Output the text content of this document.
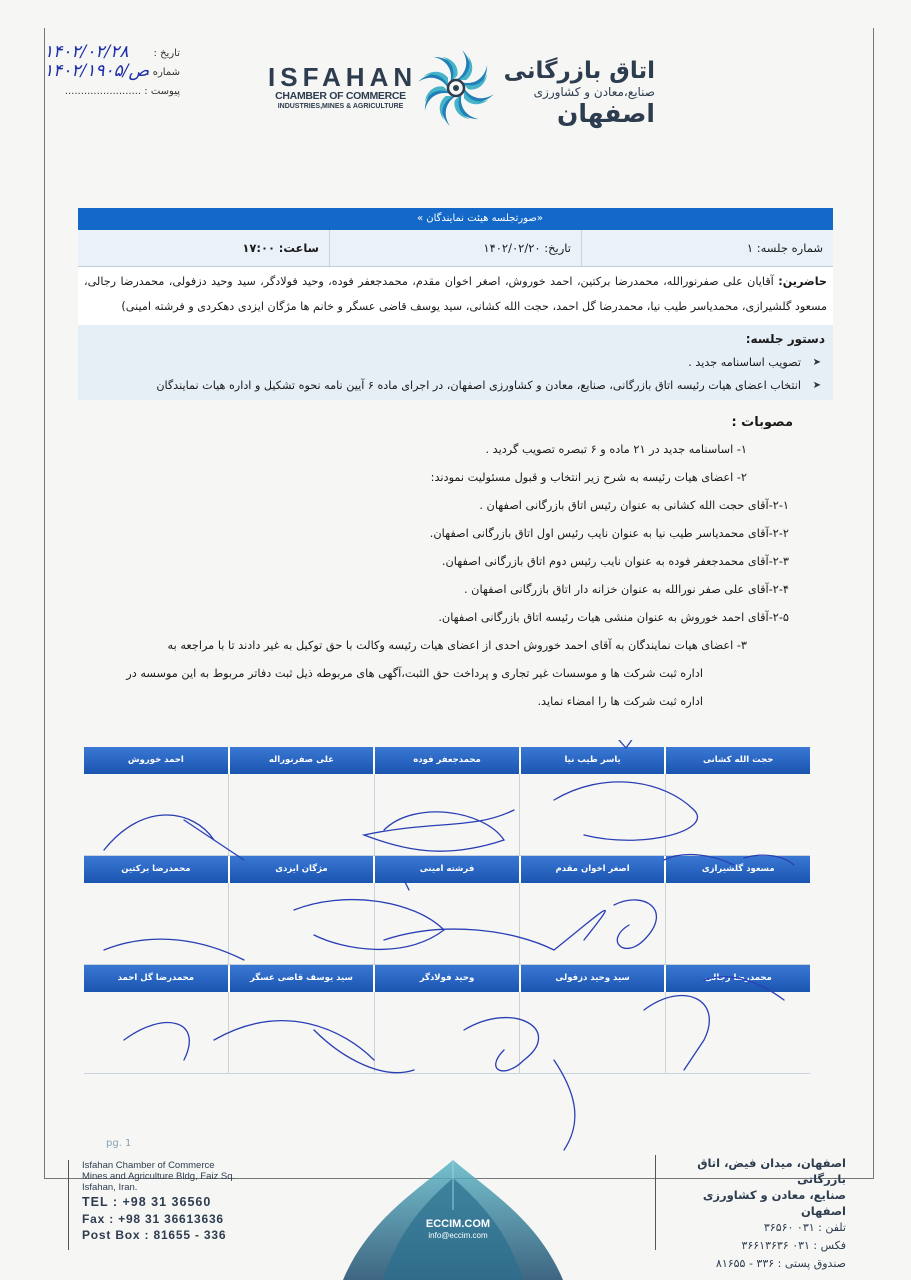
تاریخ :
۱۴۰۲/۰۲/۲۸
شماره :
۱۴۰۲/ص/۱۹۰۵
پیوست : ........................	ISFAHAN
CHAMBER OF COMMERCE
INDUSTRIES,MINES & AGRICULTURE
اتاق بازرگانی
صنایع،معادن و کشاورزی
اصفهان
«صورتجلسه هیئت نمایندگان »
شماره جلسه: ۱
تاریخ: ۱۴۰۲/۰۲/۲۰
ساعت: ۱۷:۰۰
حاضرین: آقایان علی صفرنورالله، محمدرضا برکتین، احمد خوروش، اصغر اخوان مقدم، محمدجعفر فوده، وحید فولادگر، سید وحید دزفولی، محمدرضا رجالی، مسعود گلشیرازی، محمدیاسر طیب نیا، محمدرضا گل احمد، حجت الله کشانی، سید یوسف قاضی عسگر و خانم ها مژگان ایزدی دهکردی و فرشته امینی)
دستور جلسه:
➤ تصویب اساسنامه جدید .
➤ انتخاب اعضای هیات رئیسه اتاق بازرگانی، صنایع، معادن و کشاورزی اصفهان، در اجرای ماده ۶ آیین نامه نحوه تشکیل و اداره هیات نمایندگان
مصوبات :
۱- اساسنامه جدید در ۲۱ ماده و ۶ تبصره تصویب گردید .
۲- اعضای هیات رئیسه به شرح زیر انتخاب و قبول مسئولیت نمودند:
۲-۱-آقای حجت الله کشانی به عنوان رئیس اتاق بازرگانی اصفهان .
۲-۲-آقای محمدیاسر طیب نیا به عنوان نایب رئیس اول اتاق بازرگانی اصفهان.
۲-۳-آقای محمدجعفر فوده به عنوان نایب رئیس دوم اتاق بازرگانی اصفهان.
۲-۴-آقای علی صفر نورالله به عنوان خزانه دار اتاق بازرگانی اصفهان .
۲-۵-آقای احمد خوروش به عنوان منشی هیات رئیسه اتاق بازرگانی اصفهان.
۳- اعضای هیات نمایندگان به آقای احمد خوروش احدی از اعضای هیات رئیسه وکالت با حق توکیل به غیر دادند تا با مراجعه به
اداره ثبت شرکت ها و موسسات غیر تجاری و پرداخت حق الثبت،آگهی های مربوطه ذیل ثبت دفاتر مربوط به این موسسه در
اداره ثبت شرکت ها را امضاء نماید.
حجت الله کشانی
یاسر طیب نیا
محمدجعفر فوده
علی صفرنوراله
احمد خوروش
مسعود گلشیرازی
اصغر اخوان مقدم
فرشته امینی
مژگان ایزدی
محمدرضا برکتین
محمدرضا رجالی
سید وحید دزفولی
وحید فولادگر
سید یوسف قاضی عسگر
محمدرضا گل احمد
pg. 1
Isfahan Chamber of Commerce
Mines and Agriculture Bldg, Faiz Sq.
Isfahan, Iran.
TEL : +98 31 36560
Fax : +98 31 36613636
Post Box : 81655 - 336
ECCIM.COM
info@eccim.com
اصفهان، میدان فیض، اتاق بازرگانی
صنایع، معادن و کشاورزی اصفهان
تلفن : ۰۳۱ ۳۶۵۶۰
فکس : ۰۳۱ ۳۶۶۱۳۶۳۶
صندوق پستی : ۳۳۶ - ۸۱۶۵۵
